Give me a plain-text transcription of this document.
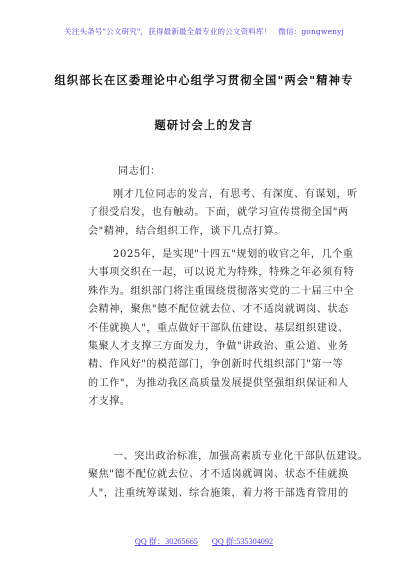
关注头条号"公文研究"，获得最新最全最专业的公文资料库！ 微信：gongwenyj
组织部长在区委理论中心组学习贯彻全国"两会"精神专
题研讨会上的发言
同志们：
刚才几位同志的发言，有思考、有深度、有谋划，听
了很受启发，也有触动。下面，就学习宣传贯彻全国"两
会"精神，结合组织工作，谈下几点打算。
2025年，是实现"十四五"规划的收官之年，几个重
大事项交织在一起，可以说尤为特殊，特殊之年必须有特
殊作为。组织部门将注重围绕贯彻落实党的二十届三中全
会精神，聚焦"德不配位就去位、才不适岗就调岗、状态
不佳就换人"，重点做好干部队伍建设、基层组织建设、
集聚人才支撑三方面发力，争做"讲政治、重公道、业务
精、作风好"的模范部门，争创新时代组织部门"第一等
的工作"，为推动我区高质量发展提供坚强组织保证和人
才支撑。
一、突出政治标准，加强高素质专业化干部队伍建设。
聚焦"德不配位就去位、才不适岗就调岗、状态不佳就换
人"，注重统筹谋划、综合施策，着力将干部选育管用的
QQ 群：30265665 QQ 群:535304092
